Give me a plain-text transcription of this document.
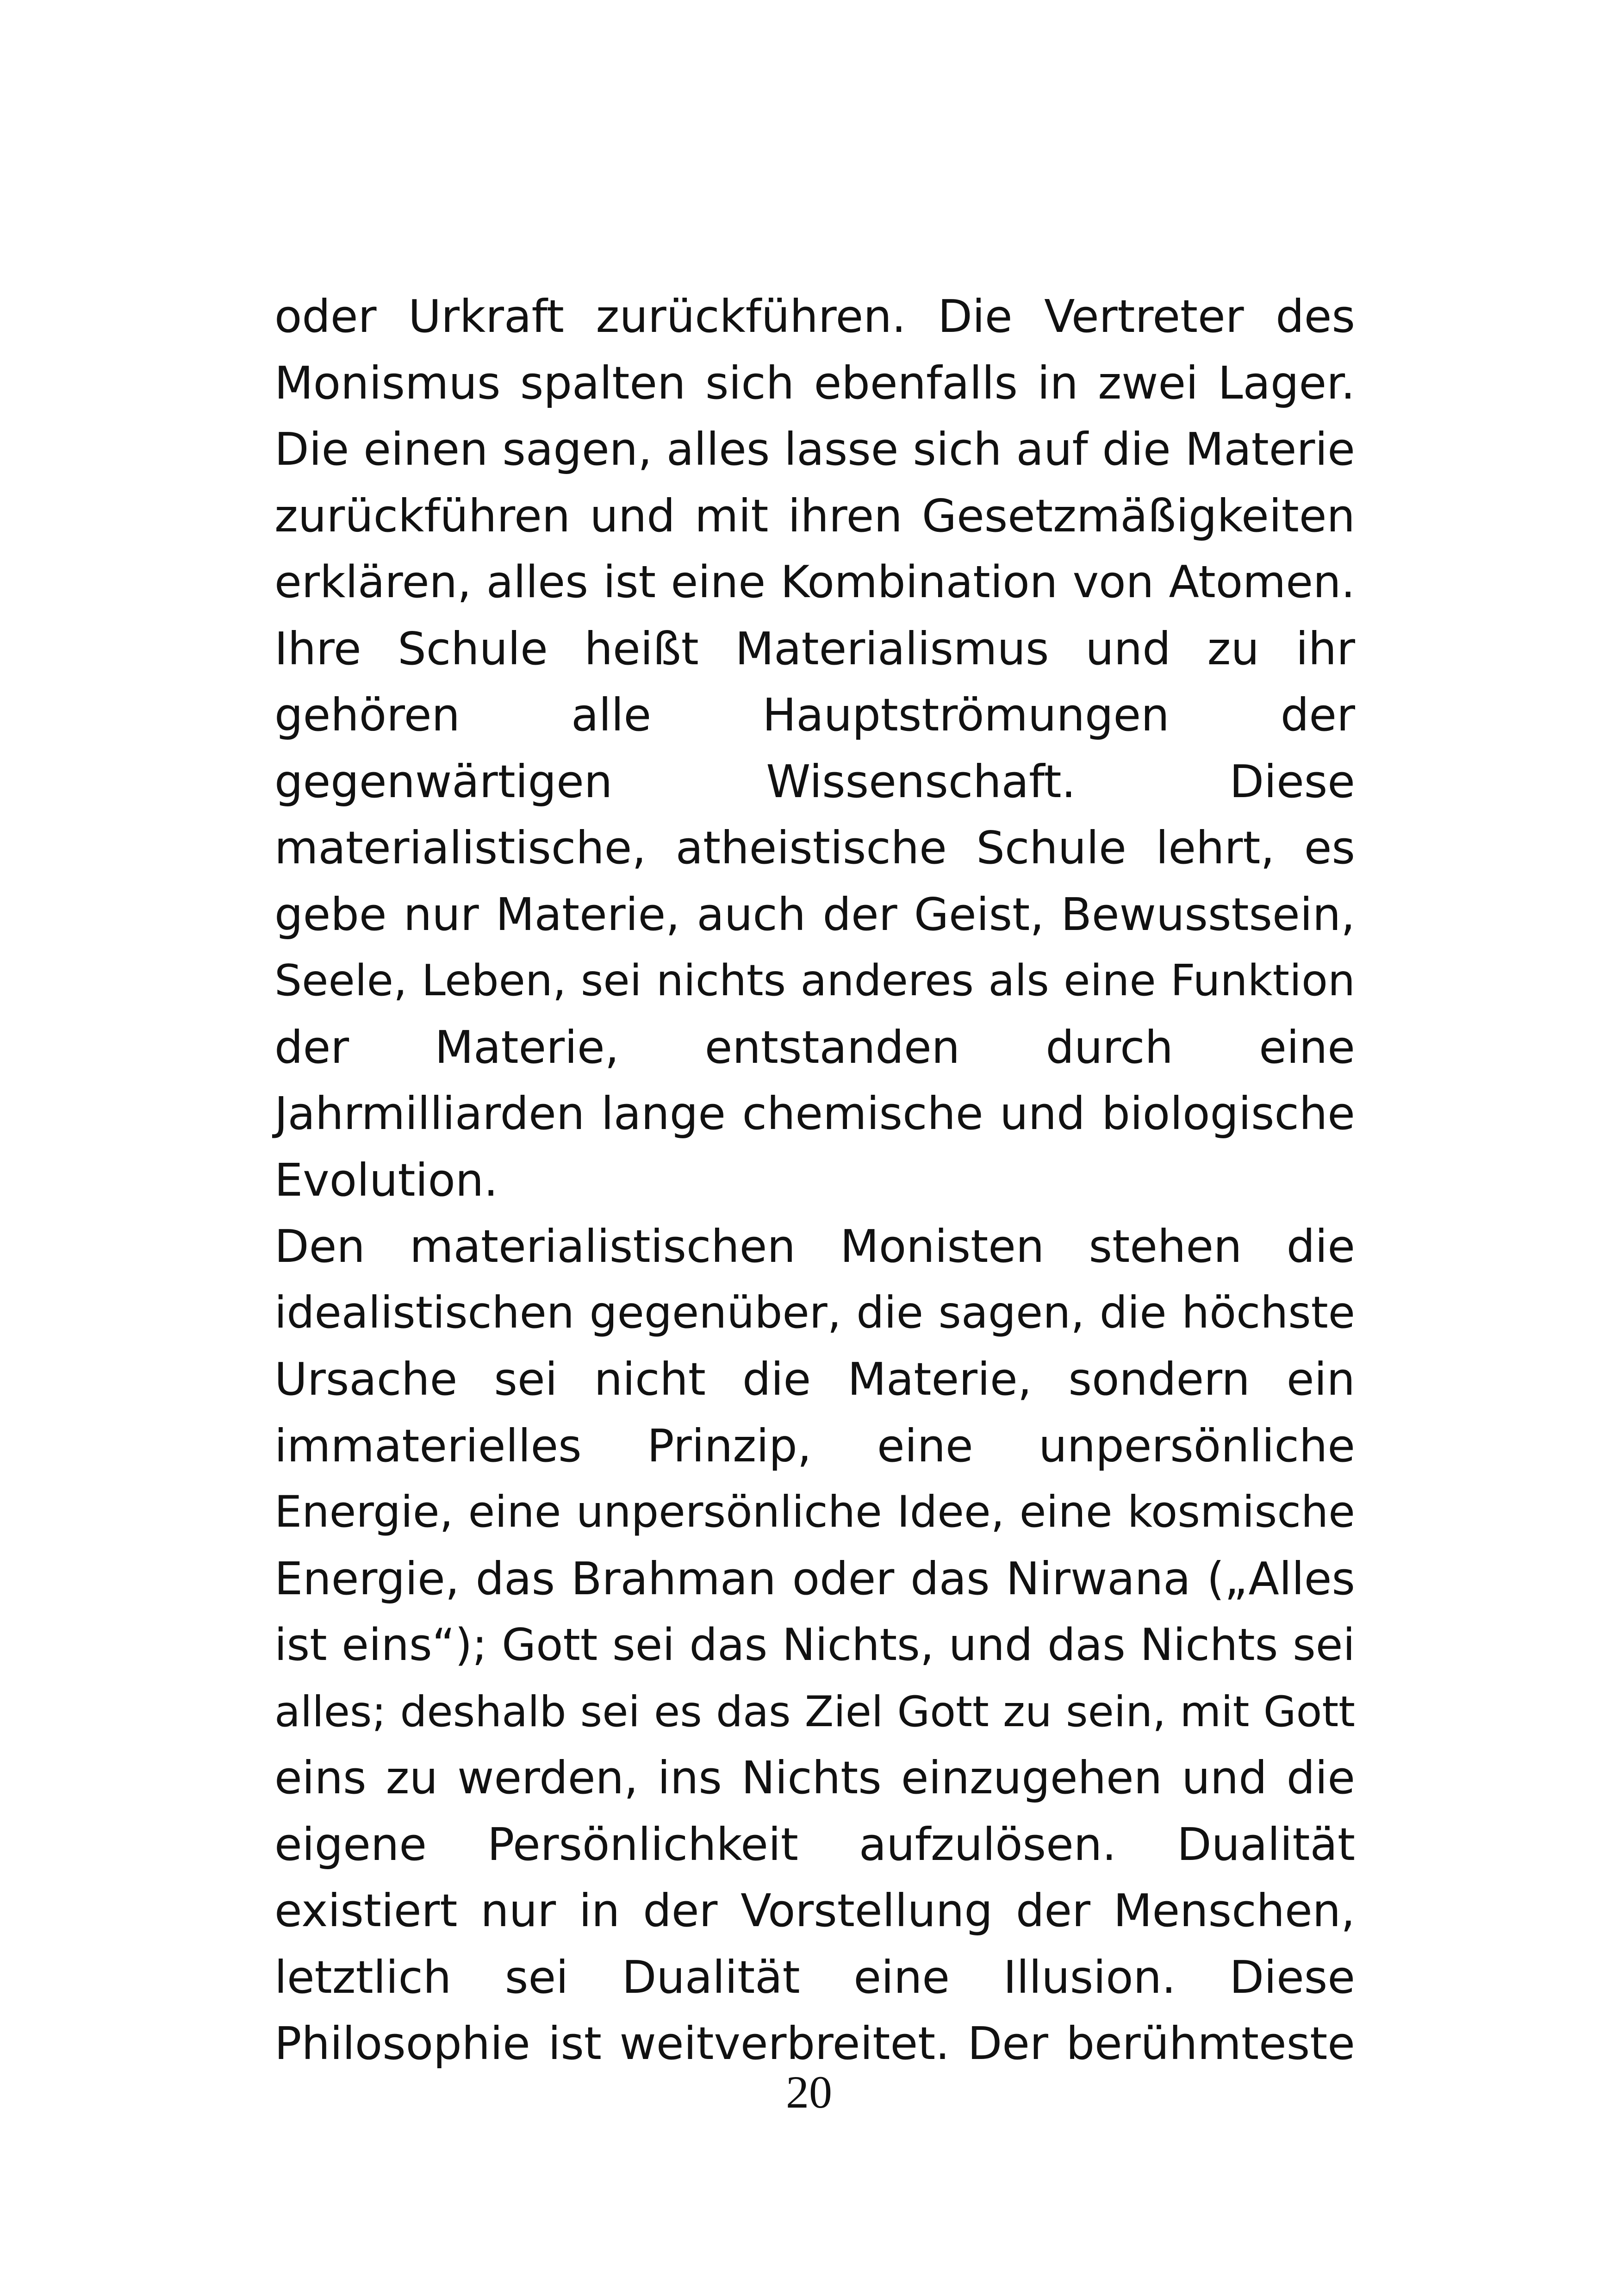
oder Urkraft zurückführen. Die Vertreter des
Monismus spalten sich ebenfalls in zwei Lager.
Die einen sagen, alles lasse sich auf die Materie
zurückführen und mit ihren Gesetzmäßigkeiten
erklären, alles ist eine Kombination von Atomen.
Ihre Schule heißt Materialismus und zu ihr
gehören alle Hauptströmungen der
gegenwärtigen Wissenschaft. Diese
materialistische, atheistische Schule lehrt, es
gebe nur Materie, auch der Geist, Bewusstsein,
Seele, Leben, sei nichts anderes als eine Funktion
der Materie, entstanden durch eine
Jahrmilliarden lange chemische und biologische
Evolution.
Den materialistischen Monisten stehen die
idealistischen gegenüber, die sagen, die höchste
Ursache sei nicht die Materie, sondern ein
immaterielles Prinzip, eine unpersönliche
Energie, eine unpersönliche Idee, eine kosmische
Energie, das Brahman oder das Nirwana („Alles
ist eins“); Gott sei das Nichts, und das Nichts sei
alles; deshalb sei es das Ziel Gott zu sein, mit Gott
eins zu werden, ins Nichts einzugehen und die
eigene Persönlichkeit aufzulösen. Dualität
existiert nur in der Vorstellung der Menschen,
letztlich sei Dualität eine Illusion. Diese
Philosophie ist weitverbreitet. Der berühmteste
20
